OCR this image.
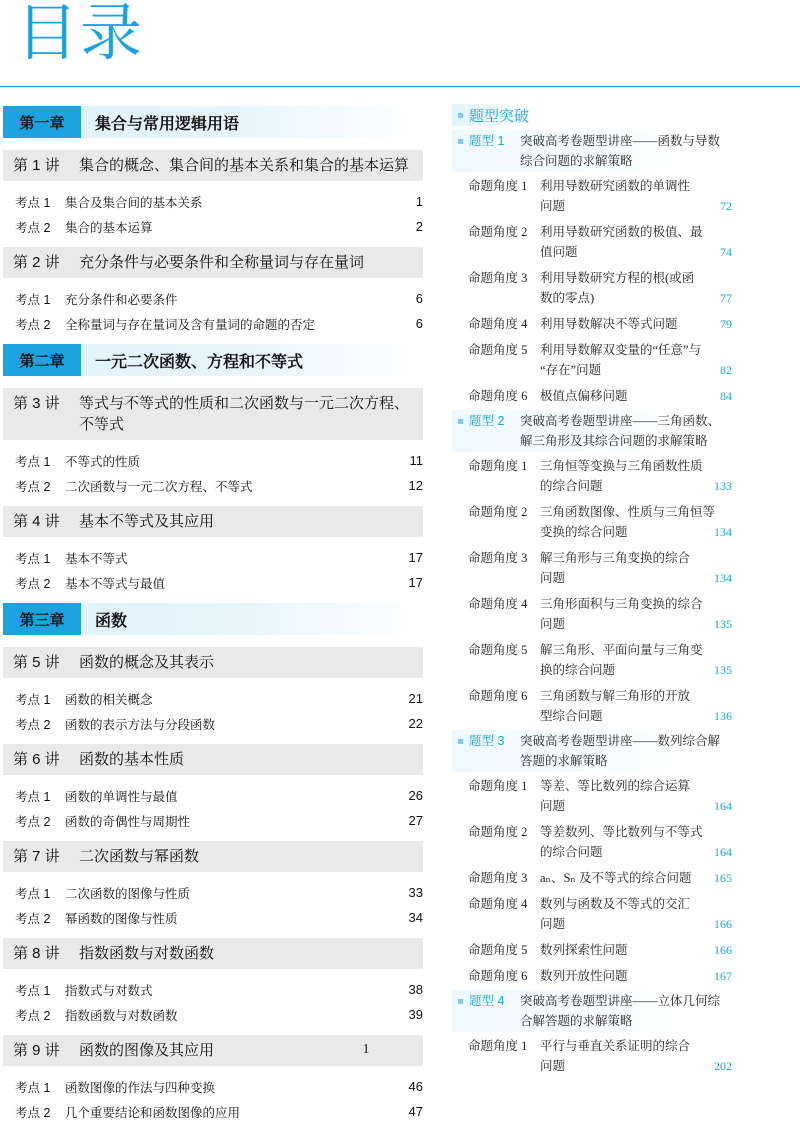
目录
第一章	集合与常用逻辑用语
第 1 讲	集合的概念、集合间的基本关系和集合的基本运算
考点 1	集合及集合间的基本关系	1
考点 2	集合的基本运算	2
第 2 讲	充分条件与必要条件和全称量词与存在量词
考点 1	充分条件和必要条件	6
考点 2	全称量词与存在量词及含有量词的命题的否定	6
第二章	一元二次函数、方程和不等式
第 3 讲	等式与不等式的性质和二次函数与一元二次方程、不等式
考点 1	不等式的性质	11
考点 2	二次函数与一元二次方程、不等式	12
第 4 讲	基本不等式及其应用
考点 1	基本不等式	17
考点 2	基本不等式与最值	17
第三章	函数
第 5 讲	函数的概念及其表示
考点 1	函数的相关概念	21
考点 2	函数的表示方法与分段函数	22
第 6 讲	函数的基本性质
考点 1	函数的单调性与最值	26
考点 2	函数的奇偶性与周期性	27
第 7 讲	二次函数与幂函数
考点 1	二次函数的图像与性质	33
考点 2	幂函数的图像与性质	34
第 8 讲	指数函数与对数函数
考点 1	指数式与对数式	38
考点 2	指数函数与对数函数	39
第 9 讲	函数的图像及其应用
考点 1	函数图像的作法与四种变换	46
考点 2	几个重要结论和函数图像的应用	47
题型突破
题型 1 突破高考卷题型讲座——函数与导数综合问题的求解策略
命题角度 1	利用导数研究函数的单调性
问题	72
命题角度 2	利用导数研究函数的极值、最
值问题	74
命题角度 3	利用导数研究方程的根(或函
数的零点)	77
命题角度 4	利用导数解决不等式问题	79
命题角度 5	利用导数解双变量的“任意”与
“存在”问题	82
命题角度 6	极值点偏移问题	84
题型 2 突破高考卷题型讲座——三角函数、解三角形及其综合问题的求解策略
命题角度 1	三角恒等变换与三角函数性质
的综合问题	133
命题角度 2	三角函数图像、性质与三角恒等
变换的综合问题	134
命题角度 3	解三角形与三角变换的综合
问题	134
命题角度 4	三角形面积与三角变换的综合
问题	135
命题角度 5	解三角形、平面向量与三角变
换的综合问题	135
命题角度 6	三角函数与解三角形的开放
型综合问题	136
题型 3 突破高考卷题型讲座——数列综合解答题的求解策略
命题角度 1	等差、等比数列的综合运算
问题	164
命题角度 2	等差数列、等比数列与不等式
的综合问题	164
命题角度 3	aₙ、Sₙ 及不等式的综合问题 165
命题角度 4	数列与函数及不等式的交汇
问题	166
命题角度 5	数列探索性问题	166
命题角度 6	数列开放性问题	167
题型 4 突破高考卷题型讲座——立体几何综合解答题的求解策略
命题角度 1	平行与垂直关系证明的综合
问题	202
1
